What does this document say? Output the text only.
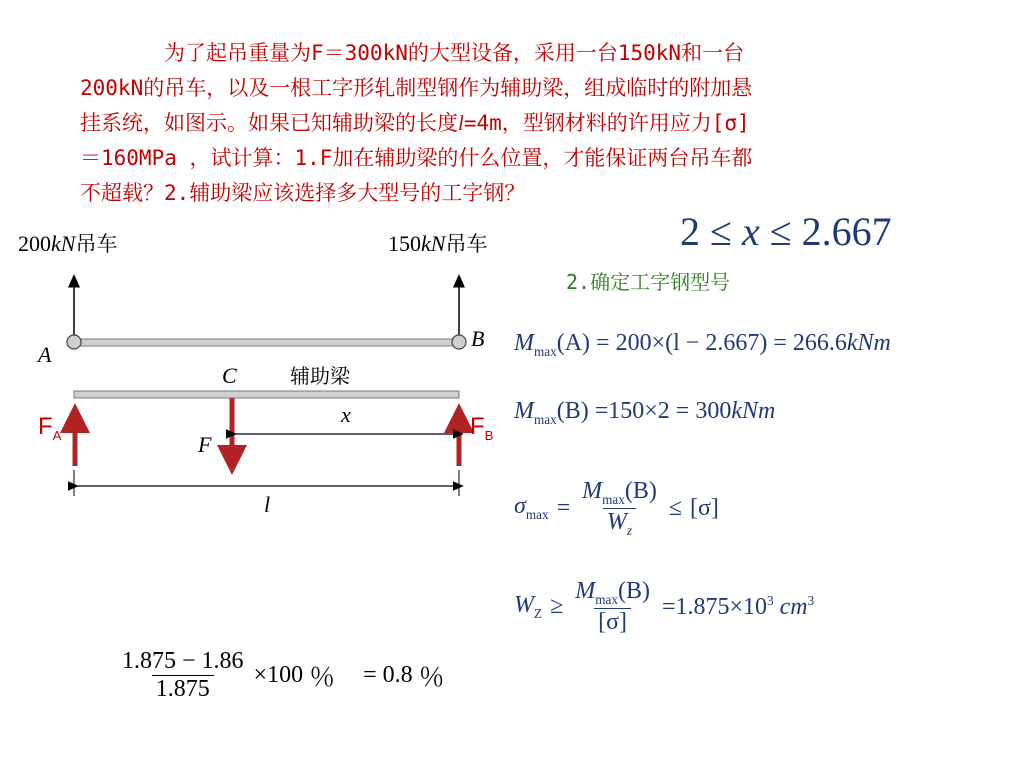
　　　　为了起吊重量为F＝300kN的大型设备，采用一台150kN和一台
200kN的吊车，以及一根工字形轧制型钢作为辅助梁，组成临时的附加悬
挂系统，如图示。如果已知辅助梁的长度l=4m，型钢材料的许用应力[σ]
＝160MPa ，试计算：1.F加在辅助梁的什么位置，才能保证两台吊车都
不超载？2.辅助梁应该选择多大型号的工字钢？
2 ≤ x ≤ 2.667
2.确定工字钢型号
200kN吊车	150kN吊车
A
B
C	辅助梁
x
F
l
$F_A$	$F_B$
$M_{max}(A) = 200\times(l - 2.667) = 266.6kNm$
$M_{max}(B) =150\times 2 = 300kNm$
$\sigma_{max} = \frac{M_{max}(B)}{W_z} \le [\sigma]$
$W_Z \ge \frac{M_{max}(B)}{[\sigma]} =1.875\times 10^3$ $cm^3$
$\frac{1.875 - 1.86}{1.875} \times 100$ ％ = 0.8 ％
